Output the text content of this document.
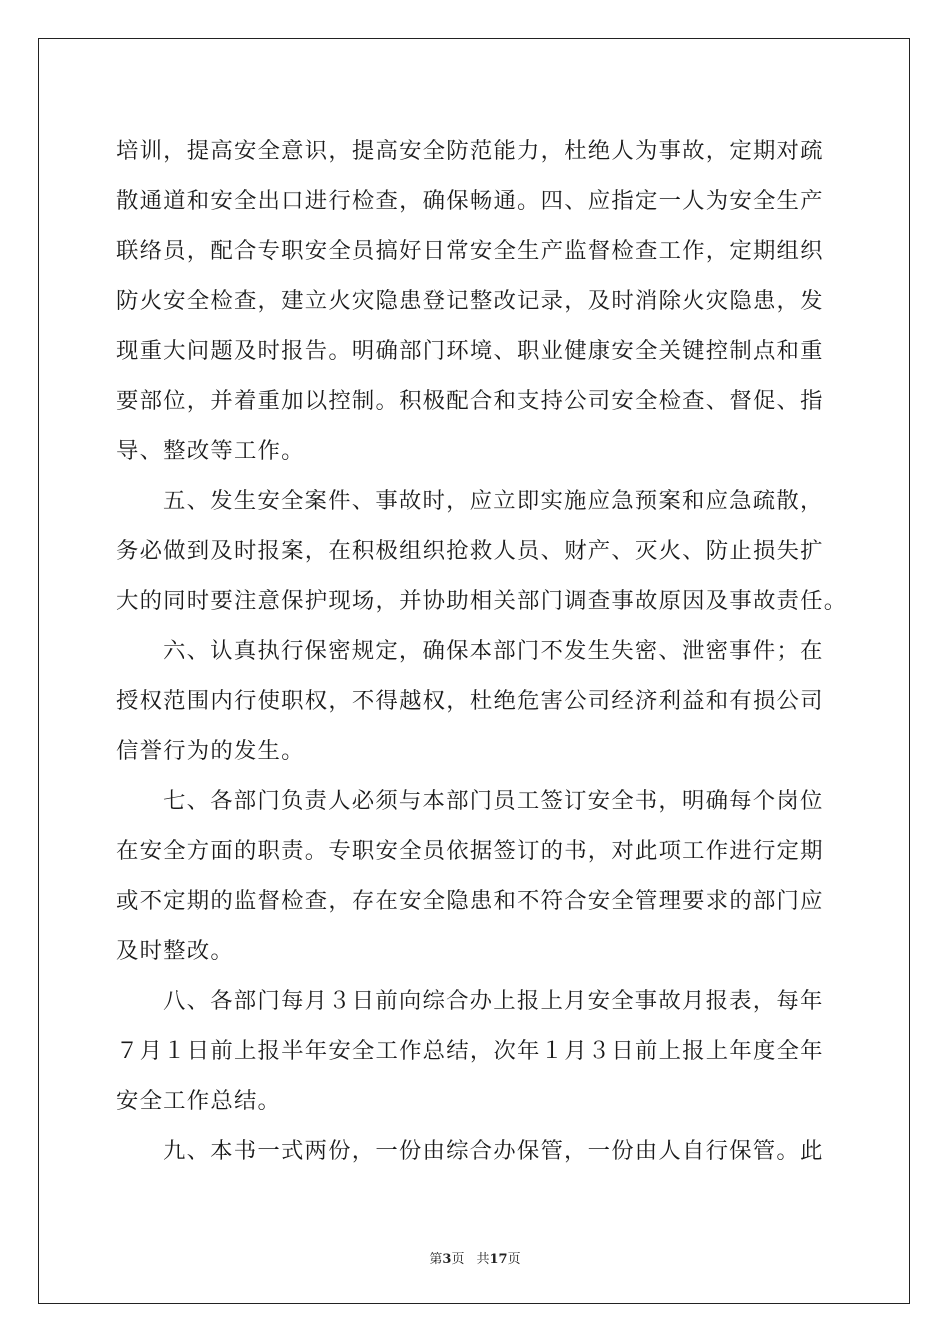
培训，提高安全意识，提高安全防范能力，杜绝人为事故，定期对疏
散通道和安全出口进行检查，确保畅通。四、应指定一人为安全生产
联络员，配合专职安全员搞好日常安全生产监督检查工作，定期组织
防火安全检查，建立火灾隐患登记整改记录，及时消除火灾隐患，发
现重大问题及时报告。明确部门环境、职业健康安全关键控制点和重
要部位，并着重加以控制。积极配合和支持公司安全检查、督促、指
导、整改等工作。

五、发生安全案件、事故时，应立即实施应急预案和应急疏散，
务必做到及时报案，在积极组织抢救人员、财产、灭火、防止损失扩
大的同时要注意保护现场，并协助相关部门调查事故原因及事故责任。

六、认真执行保密规定，确保本部门不发生失密、泄密事件；在
授权范围内行使职权，不得越权，杜绝危害公司经济利益和有损公司
信誉行为的发生。

七、各部门负责人必须与本部门员工签订安全书，明确每个岗位
在安全方面的职责。专职安全员依据签订的书，对此项工作进行定期
或不定期的监督检查，存在安全隐患和不符合安全管理要求的部门应
及时整改。

八、各部门每月３日前向综合办上报上月安全事故月报表，每年
７月１日前上报半年安全工作总结，次年１月３日前上报上年度全年
安全工作总结。

九、本书一式两份，一份由综合办保管，一份由人自行保管。此

第3页 共17页
